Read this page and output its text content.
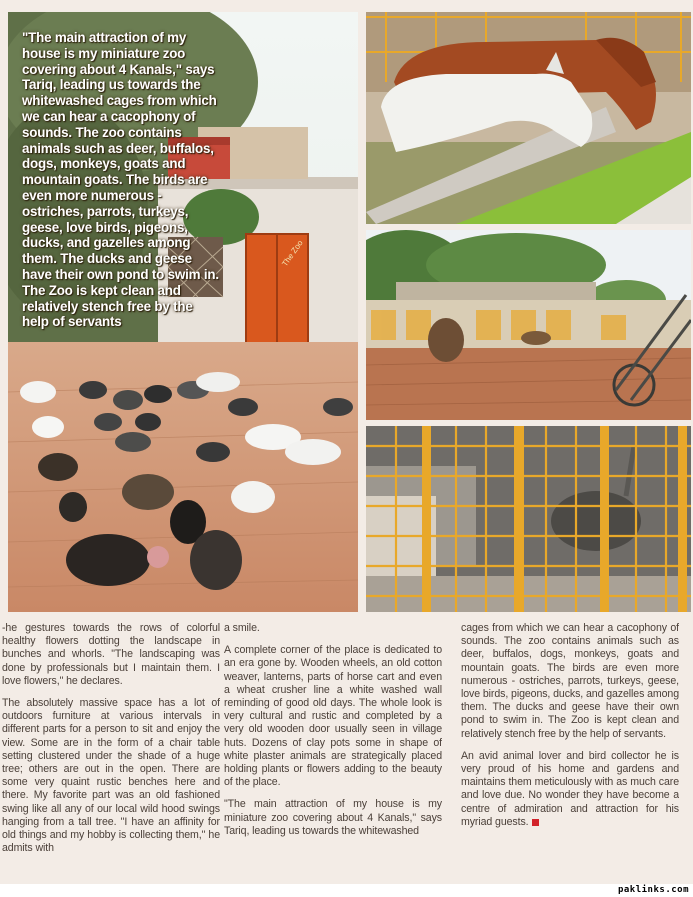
The Zoo
"The main attraction of my house is my miniature zoo covering about 4 Kanals," says Tariq, leading us towards the whitewashed cages from which we can hear a cacophony of sounds. The zoo contains animals such as deer, buffalos, dogs, monkeys, goats and mountain goats. The birds are even more numerous - ostriches, parrots, turkeys, geese, love birds, pigeons, ducks, and gazelles among them. The ducks and geese have their own pond to swim in. The Zoo is kept clean and relatively stench free by the help of servants

-he gestures towards the rows of colorful healthy flowers dotting the landscape in bunches and whorls. "The landscaping was done by professionals but I maintain them. I love flowers," he declares.

The absolutely massive space has a lot of outdoors furniture at various intervals in different parts for a person to sit and enjoy the view. Some are in the form of a chair table setting clustered under the shade of a huge tree; others are out in the open. There are some very quaint rustic benches here and there. My favorite part was an old fashioned swing like all any of our local wild hood swings hanging from a tall tree. "I have an affinity for old things and my hobby is collecting them," he admits with

a smile.

A complete corner of the place is dedicated to an era gone by. Wooden wheels, an old cotton weaver, lanterns, parts of horse cart and even a wheat crusher line a white washed wall reminding of good old days. The whole look is very cultural and rustic and completed by a very old wooden door usually seen in village huts. Dozens of clay pots some in shape of white plaster animals are strategically placed holding plants or flowers adding to the beauty of the place.

"The main attraction of my house is my miniature zoo covering about 4 Kanals," says Tariq, leading us towards the whitewashed

cages from which we can hear a cacophony of sounds. The zoo contains animals such as deer, buffalos, dogs, monkeys, goats and mountain goats. The birds are even more numerous - ostriches, parrots, turkeys, geese, love birds, pigeons, ducks, and gazelles among them. The ducks and geese have their own pond to swim in. The Zoo is kept clean and relatively stench free by the help of servants.

An avid animal lover and bird collector he is very proud of his home and gardens and maintains them meticulously with as much care and love due. No wonder they have become a centre of admiration and attraction for his myriad guests.

paklinks.com
